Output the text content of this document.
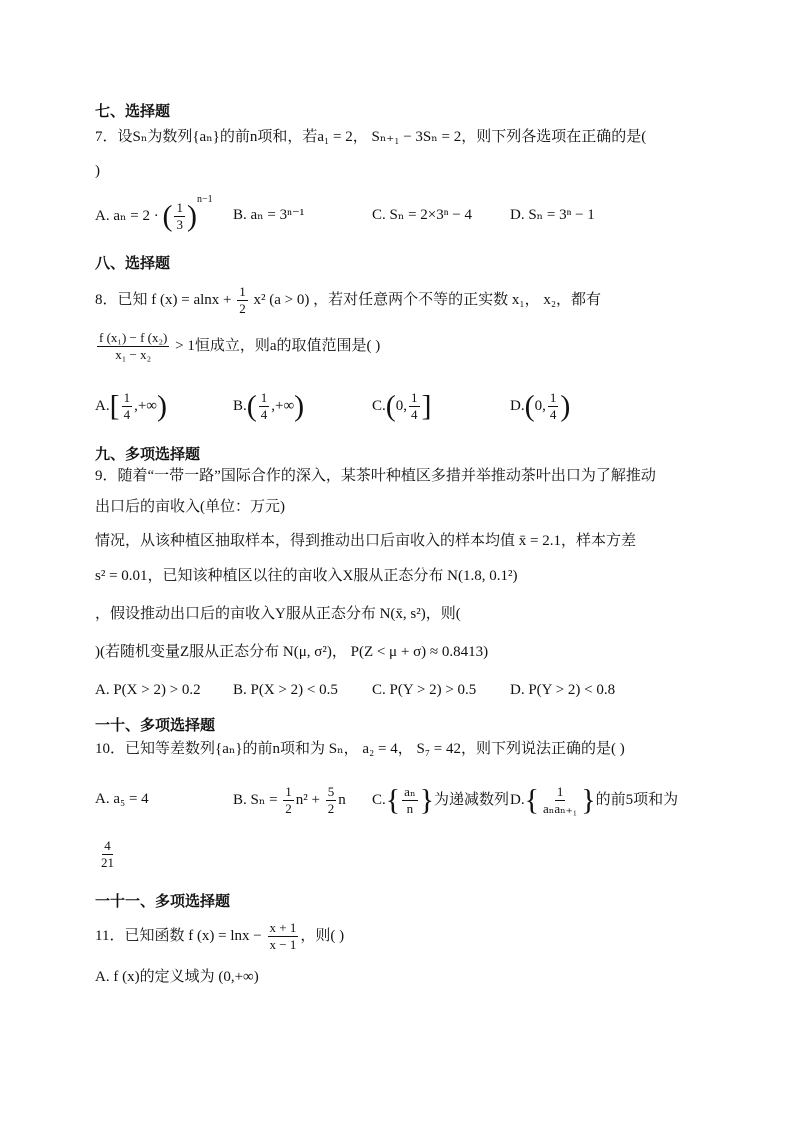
七、选择题
7．设Sₙ为数列{aₙ}的前n项和，若a₁ = 2， Sₙ₊₁ − 3Sₙ = 2，则下列各选项在正确的是(
)
A. aₙ = 2 · ( $\frac{1}{3} )^{n-1}$
B. aₙ = 3ⁿ⁻¹	C. Sₙ = 2×3ⁿ − 4	D. Sₙ = 3ⁿ − 1
八、选择题
8．已知 f $(x) = alnx + \frac{1}{2} x^2$ (a > 0) ，若对任意两个不等的正实数 x₁， x₂，都有
$\frac{\text{f (x₁) − f (x₂)}}{\text{x₁ − x₂}} > 1$恒成立，则a的取值范围是( )
$A.[ \frac{1}{4}$ ,+∞)	$B.( \frac{1}{4}$ ,+∞)	C.(0, $\frac{1}{4}$ ]	D.(0, $\frac{1}{4}$ )
九、多项选择题
9．随着“一带一路”国际合作的深入，某茶叶种植区多措并举推动茶叶出口为了解推动
出口后的亩收入(单位：万元)
情况，从该种植区抽取样本，得到推动出口后亩收入的样本均值 x̄ = 2.1，样本方差
s² = 0.01，已知该种植区以往的亩收入X服从正态分布 N(1.8, 0.1²)
，假设推动出口后的亩收入Y服从正态分布 N(x̄, s²)，则(
)(若随机变量Z服从正态分布 N(μ, σ²)， P(Z < μ + σ) ≈ 0.8413)
A. P(X > 2) > 0.2 B. P(X > 2) < 0.5 C. P(Y > 2) > 0.5 D. P(Y > 2) < 0.8
一十、多项选择题
10．已知等差数列{aₙ}的前n项和为 Sₙ， a₂ = 4， S₇ = 42，则下列说法正确的是( )
A. a₅ = 4	B. $S_n = \frac{1}{2} n^2 + \frac{5}{2}$ n $C.\{ \frac{\text{aₙ}}{n}$ }为递减数列 $D.\{ \frac{1}{\text{aₙaₙ₊₁}}$ }的前5项和为
$\frac{4}{21}$
一十一、多项选择题
11．已知函数 f $(x) = \ln x - \frac{x + 1}{x - 1}$ ，则( )
A. f (x)的定义域为 (0,+∞)
